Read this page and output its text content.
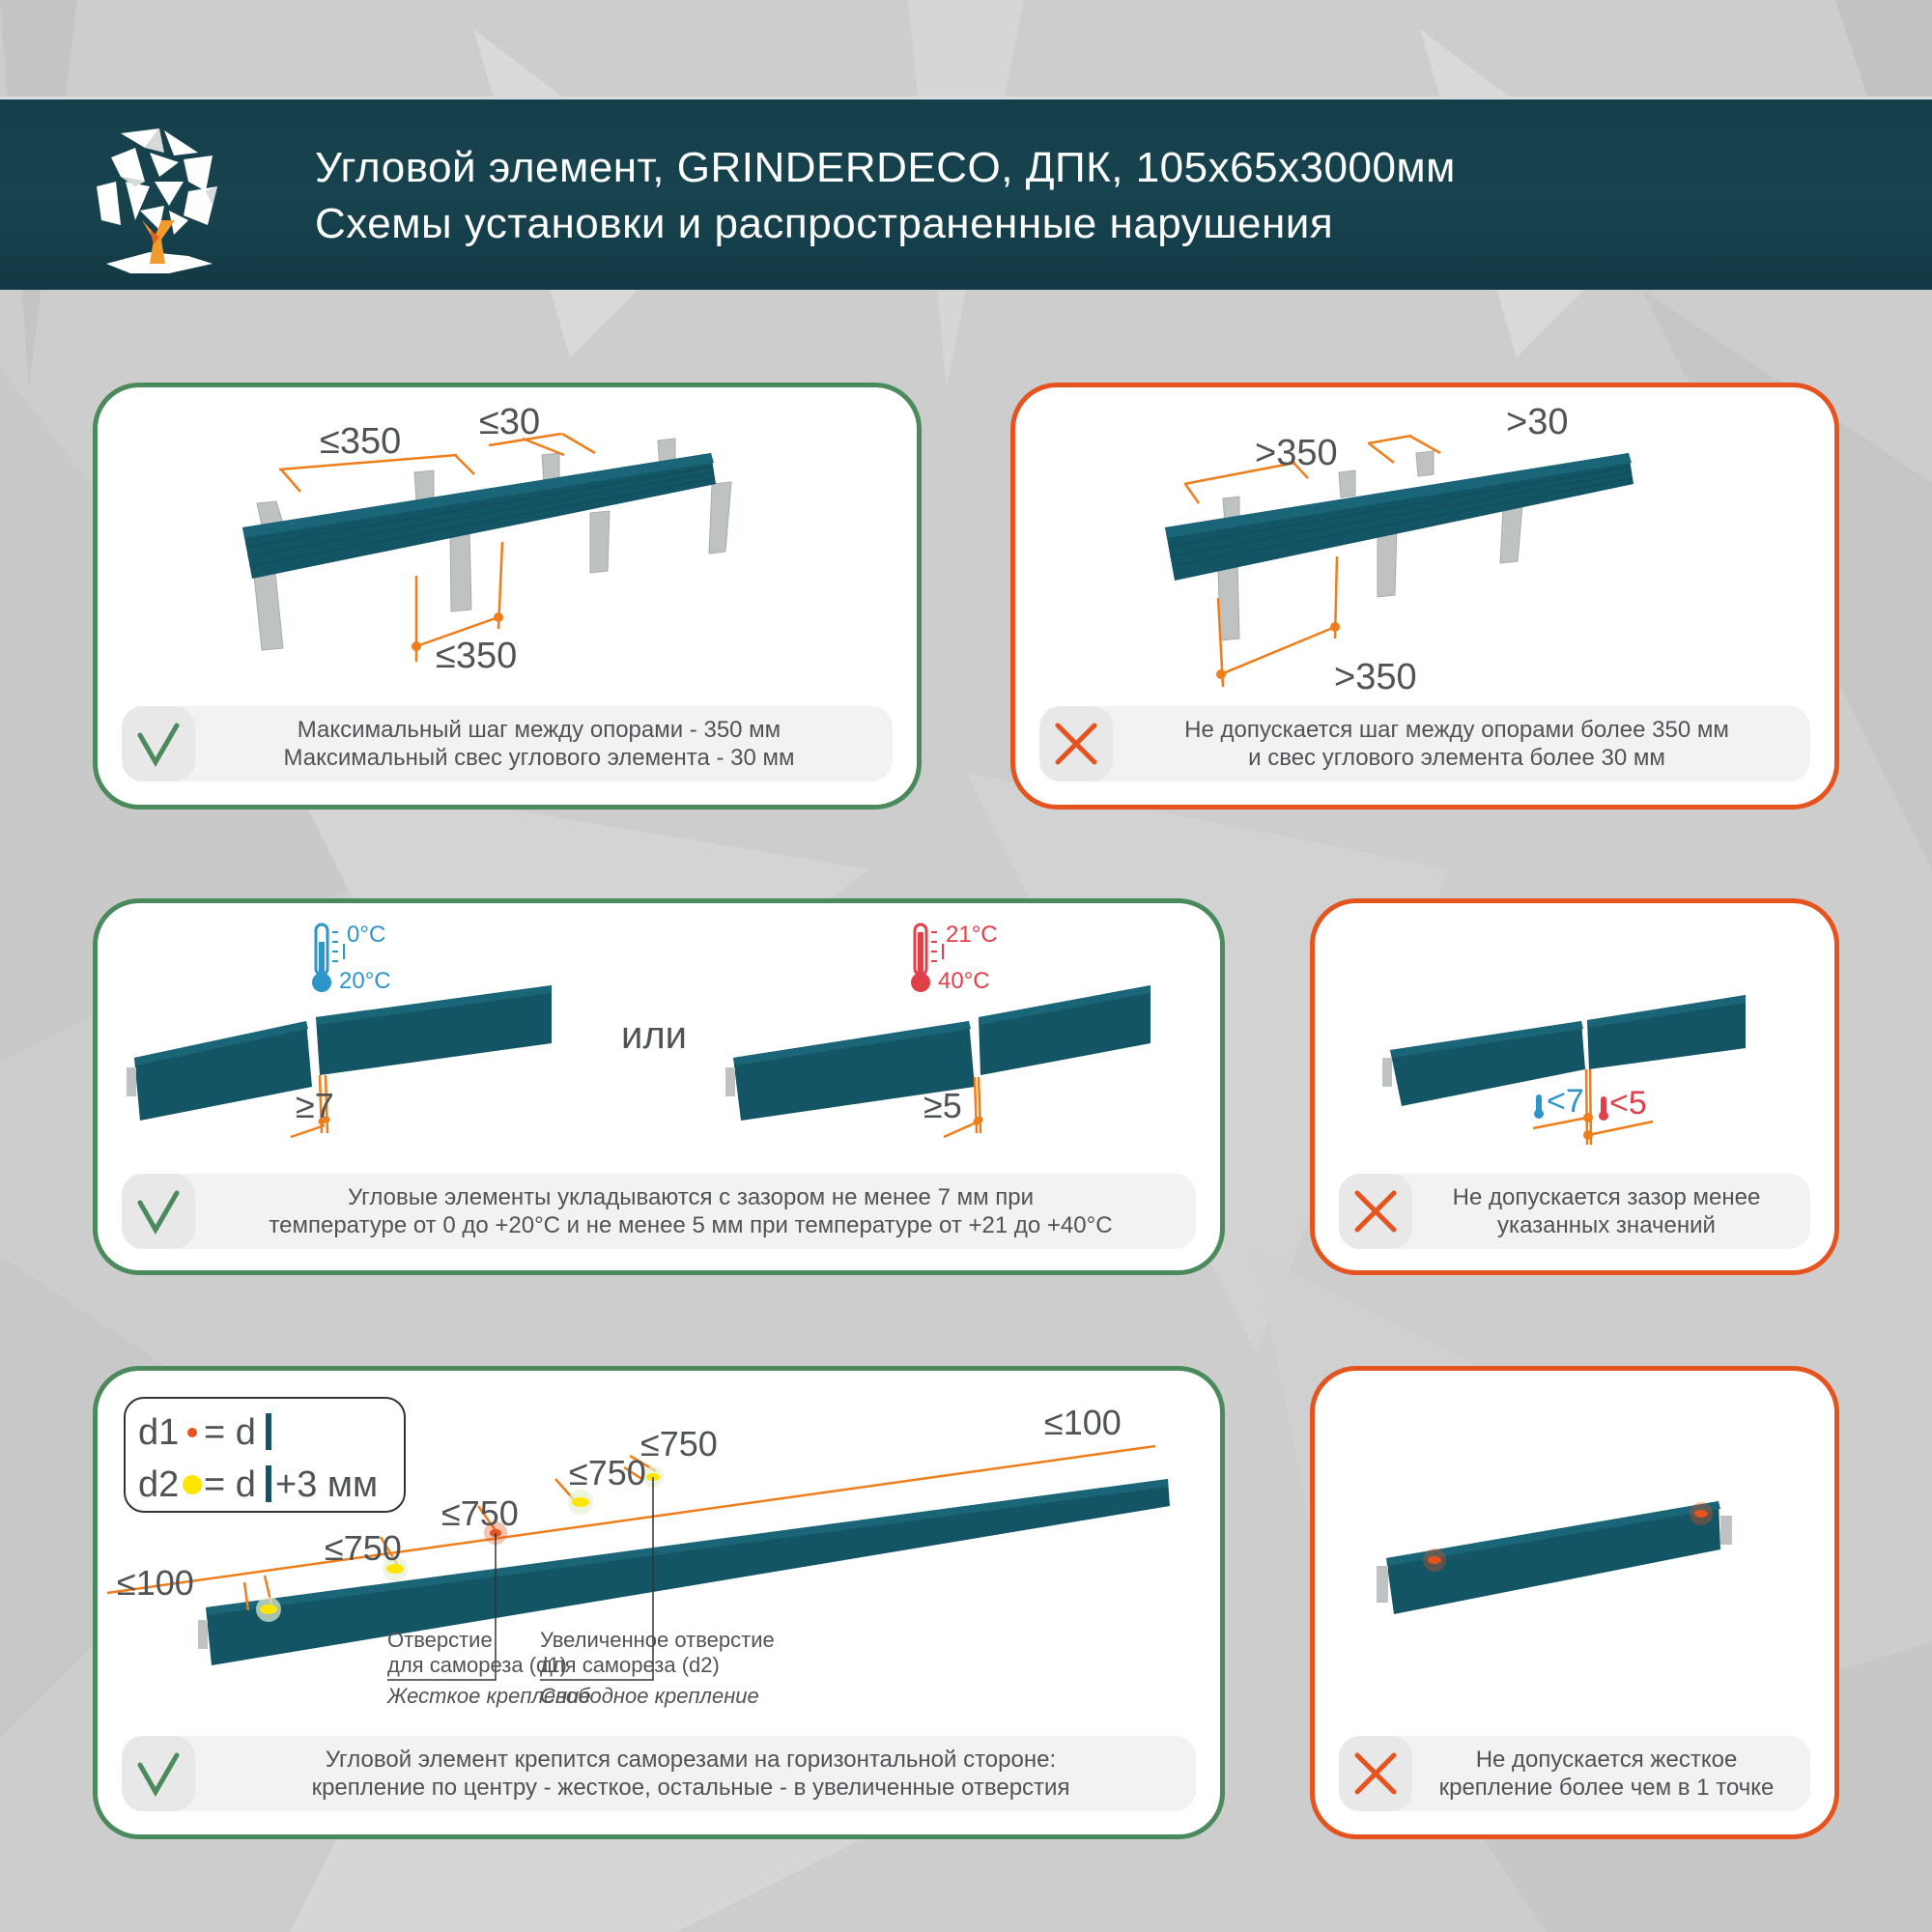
Угловой элемент, GRINDERDECO, ДПК, 105х65х3000мм
Схемы установки и распространенные нарушения
≤350 ≤30
≤350
Максимальный шаг между опорами - 350 мм
Максимальный свес углового элемента - 30 мм
>350
>30
>350
Не допускается шаг между опорами более 350 мм
и свес углового элемента более 30 мм
0°C
20°C
21°C
40°C
≥7
или
≥5
Угловые элементы укладываются с зазором не менее 7 мм при
температуре от 0 до +20°С и не менее 5 мм при температуре от +21 до +40°С
<7 <5
Не допускается зазор менее
указанных значений
d1 = d
d2 = d +3 мм
≤100
≤750
≤750
≤750
≤750
≤100
Отверстие
для самореза (d1)
Жесткое крепление
Увеличенное отверстие
для самореза (d2)
Свободное крепление
Угловой элемент крепится саморезами на горизонтальной стороне:
крепление по центру - жесткое, остальные - в увеличенные отверстия
Не допускается жесткое
крепление более чем в 1 точке
